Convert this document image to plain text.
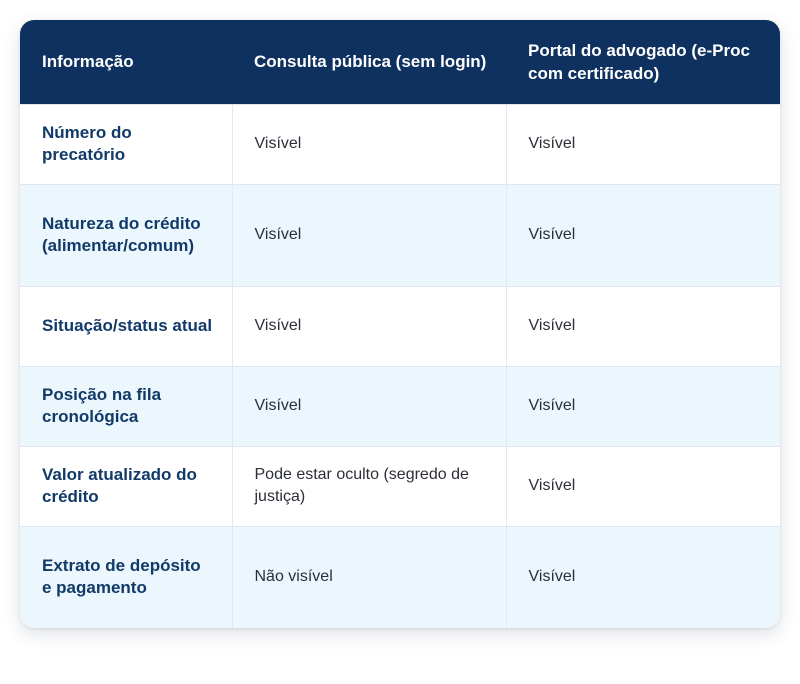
Informação	Consulta pública (sem login)	Portal do advogado (e-Proc com certificado)
Número do precatório	Visível	Visível
Natureza do crédito (alimentar/comum)	Visível	Visível
Situação/status atual	Visível	Visível
Posição na fila cronológica	Visível	Visível
Valor atualizado do crédito	Pode estar oculto (segredo de justiça)	Visível
Extrato de depósito e pagamento	Não visível	Visível
